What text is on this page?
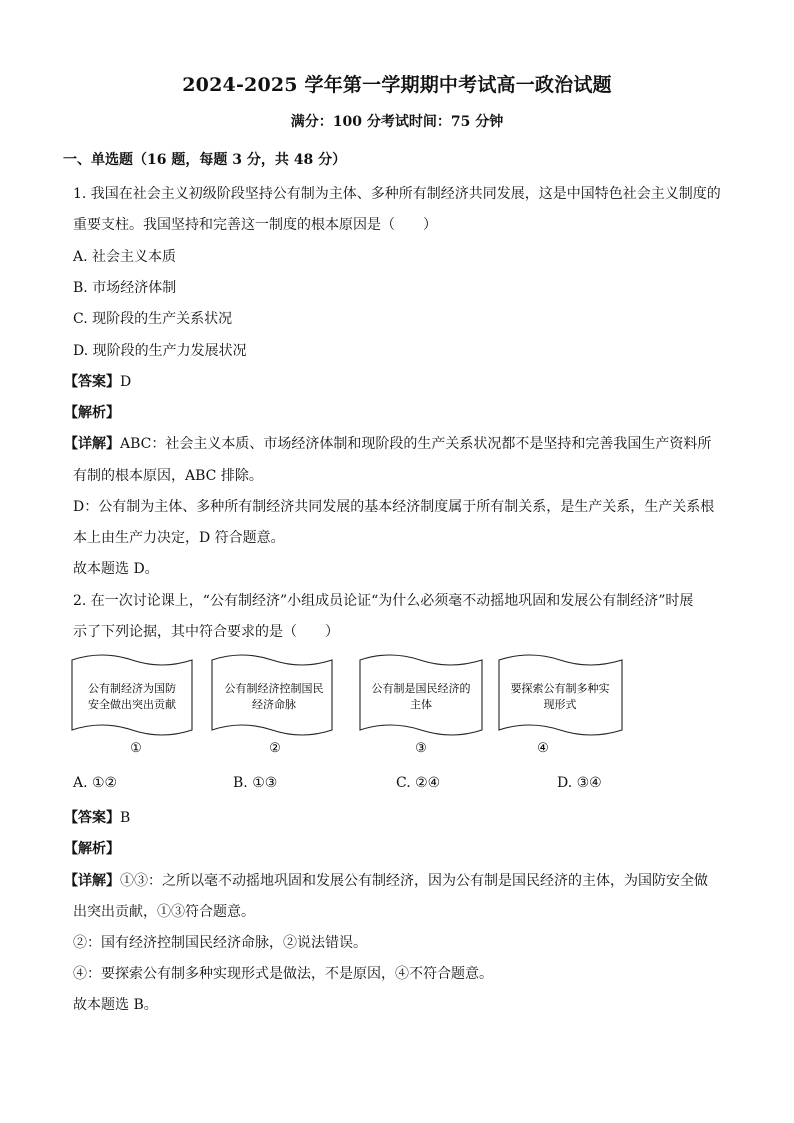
2024-2025 学年第一学期期中考试高一政治试题
满分：100 分考试时间：75 分钟
一、单选题（16 题，每题 3 分，共 48 分）
1. 我国在社会主义初级阶段坚持公有制为主体、多种所有制经济共同发展，这是中国特色社会主义制度的
重要支柱。我国坚持和完善这一制度的根本原因是（　　）
A. 社会主义本质
B. 市场经济体制
C. 现阶段的生产关系状况
D. 现阶段的生产力发展状况
【答案】D
【解析】
【详解】ABC：社会主义本质、市场经济体制和现阶段的生产关系状况都不是坚持和完善我国生产资料所
有制的根本原因，ABC 排除。
D：公有制为主体、多种所有制经济共同发展的基本经济制度属于所有制关系，是生产关系，生产关系根
本上由生产力决定，D 符合题意。
故本题选 D。
2. 在一次讨论课上，“公有制经济”小组成员论证“为什么必须毫不动摇地巩固和发展公有制经济”时展
示了下列论据，其中符合要求的是（　　）
公有制经济为国防
安全做出突出贡献
①
公有制经济控制国民
经济命脉
②
公有制是国民经济的
主体
③
要探索公有制多种实
现形式
④
A. ①②	B. ①③	C. ②④	D. ③④
【答案】B
【解析】
【详解】①③：之所以毫不动摇地巩固和发展公有制经济，因为公有制是国民经济的主体，为国防安全做
出突出贡献，①③符合题意。
②：国有经济控制国民经济命脉，②说法错误。
④：要探索公有制多种实现形式是做法，不是原因，④不符合题意。
故本题选 B。
